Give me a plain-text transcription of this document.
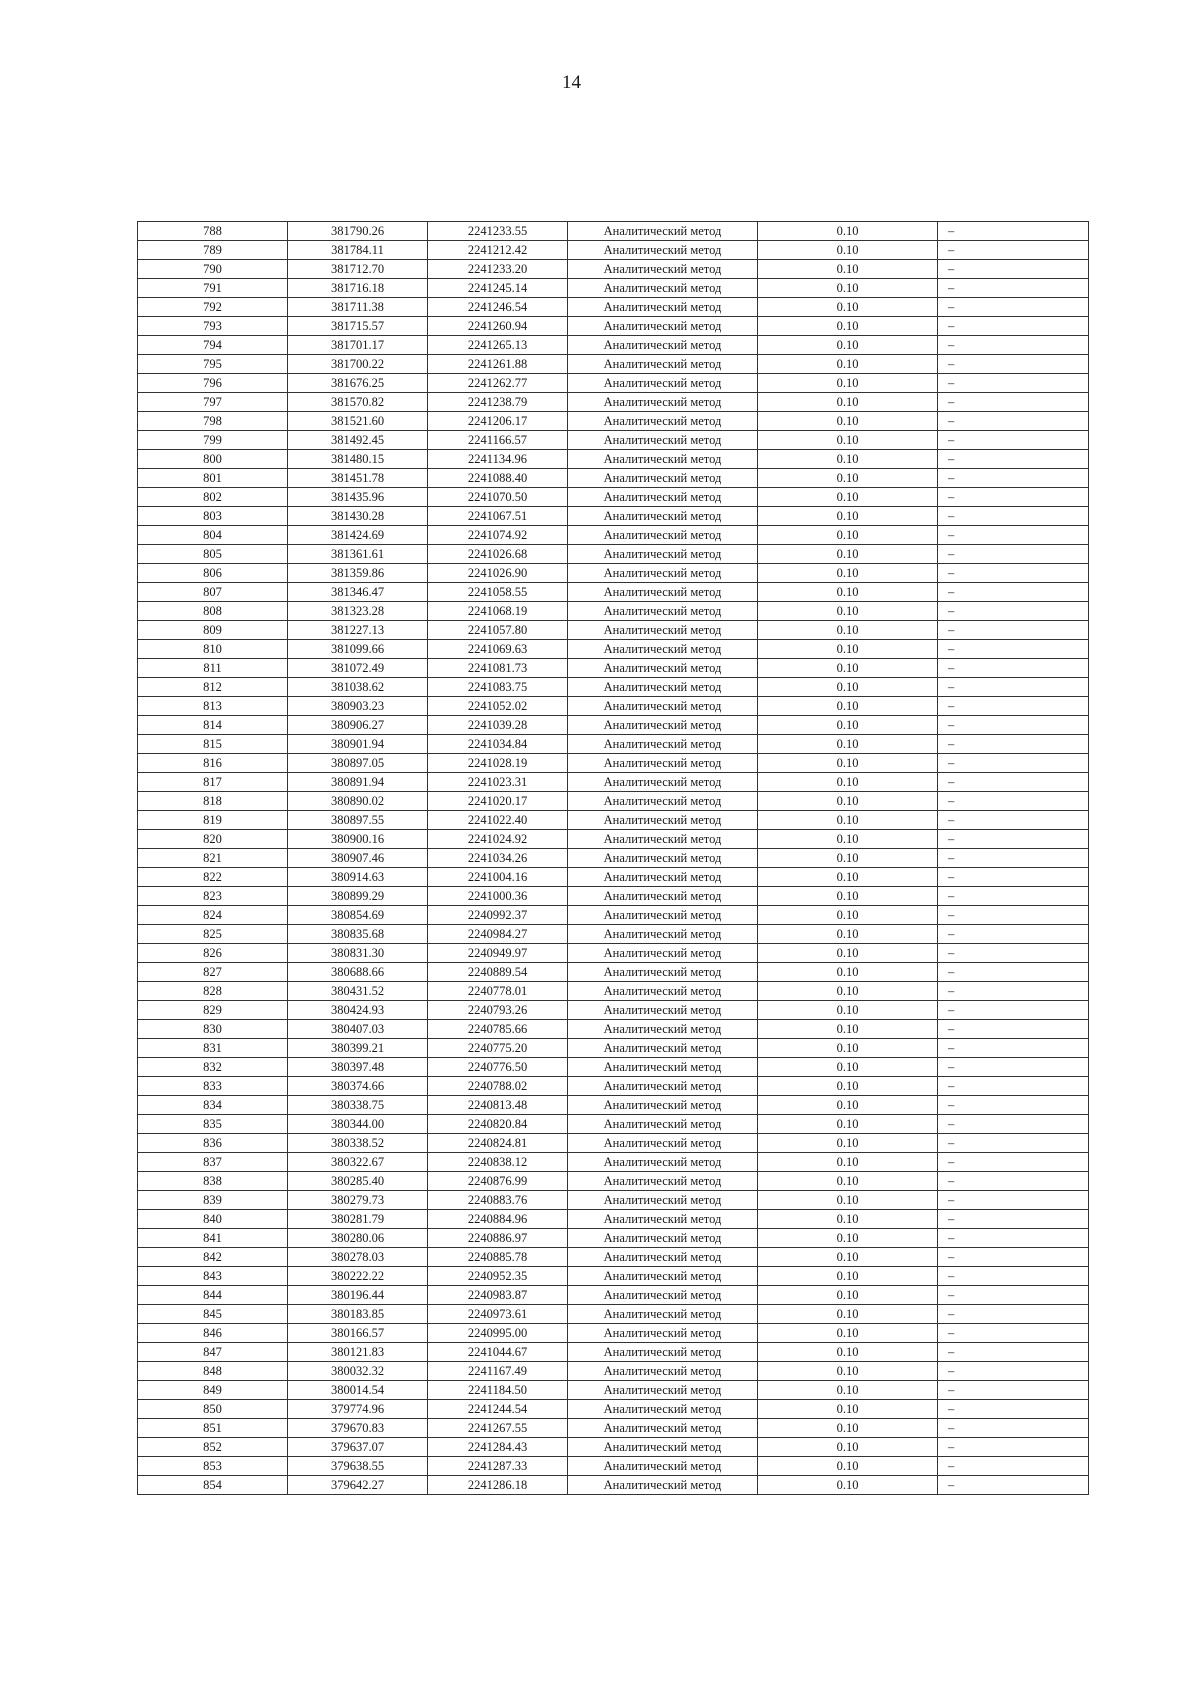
14
788	381790.26	2241233.55	Аналитический метод	0.10	–
789	381784.11	2241212.42	Аналитический метод	0.10	–
790	381712.70	2241233.20	Аналитический метод	0.10	–
791	381716.18	2241245.14	Аналитический метод	0.10	–
792	381711.38	2241246.54	Аналитический метод	0.10	–
793	381715.57	2241260.94	Аналитический метод	0.10	–
794	381701.17	2241265.13	Аналитический метод	0.10	–
795	381700.22	2241261.88	Аналитический метод	0.10	–
796	381676.25	2241262.77	Аналитический метод	0.10	–
797	381570.82	2241238.79	Аналитический метод	0.10	–
798	381521.60	2241206.17	Аналитический метод	0.10	–
799	381492.45	2241166.57	Аналитический метод	0.10	–
800	381480.15	2241134.96	Аналитический метод	0.10	–
801	381451.78	2241088.40	Аналитический метод	0.10	–
802	381435.96	2241070.50	Аналитический метод	0.10	–
803	381430.28	2241067.51	Аналитический метод	0.10	–
804	381424.69	2241074.92	Аналитический метод	0.10	–
805	381361.61	2241026.68	Аналитический метод	0.10	–
806	381359.86	2241026.90	Аналитический метод	0.10	–
807	381346.47	2241058.55	Аналитический метод	0.10	–
808	381323.28	2241068.19	Аналитический метод	0.10	–
809	381227.13	2241057.80	Аналитический метод	0.10	–
810	381099.66	2241069.63	Аналитический метод	0.10	–
811	381072.49	2241081.73	Аналитический метод	0.10	–
812	381038.62	2241083.75	Аналитический метод	0.10	–
813	380903.23	2241052.02	Аналитический метод	0.10	–
814	380906.27	2241039.28	Аналитический метод	0.10	–
815	380901.94	2241034.84	Аналитический метод	0.10	–
816	380897.05	2241028.19	Аналитический метод	0.10	–
817	380891.94	2241023.31	Аналитический метод	0.10	–
818	380890.02	2241020.17	Аналитический метод	0.10	–
819	380897.55	2241022.40	Аналитический метод	0.10	–
820	380900.16	2241024.92	Аналитический метод	0.10	–
821	380907.46	2241034.26	Аналитический метод	0.10	–
822	380914.63	2241004.16	Аналитический метод	0.10	–
823	380899.29	2241000.36	Аналитический метод	0.10	–
824	380854.69	2240992.37	Аналитический метод	0.10	–
825	380835.68	2240984.27	Аналитический метод	0.10	–
826	380831.30	2240949.97	Аналитический метод	0.10	–
827	380688.66	2240889.54	Аналитический метод	0.10	–
828	380431.52	2240778.01	Аналитический метод	0.10	–
829	380424.93	2240793.26	Аналитический метод	0.10	–
830	380407.03	2240785.66	Аналитический метод	0.10	–
831	380399.21	2240775.20	Аналитический метод	0.10	–
832	380397.48	2240776.50	Аналитический метод	0.10	–
833	380374.66	2240788.02	Аналитический метод	0.10	–
834	380338.75	2240813.48	Аналитический метод	0.10	–
835	380344.00	2240820.84	Аналитический метод	0.10	–
836	380338.52	2240824.81	Аналитический метод	0.10	–
837	380322.67	2240838.12	Аналитический метод	0.10	–
838	380285.40	2240876.99	Аналитический метод	0.10	–
839	380279.73	2240883.76	Аналитический метод	0.10	–
840	380281.79	2240884.96	Аналитический метод	0.10	–
841	380280.06	2240886.97	Аналитический метод	0.10	–
842	380278.03	2240885.78	Аналитический метод	0.10	–
843	380222.22	2240952.35	Аналитический метод	0.10	–
844	380196.44	2240983.87	Аналитический метод	0.10	–
845	380183.85	2240973.61	Аналитический метод	0.10	–
846	380166.57	2240995.00	Аналитический метод	0.10	–
847	380121.83	2241044.67	Аналитический метод	0.10	–
848	380032.32	2241167.49	Аналитический метод	0.10	–
849	380014.54	2241184.50	Аналитический метод	0.10	–
850	379774.96	2241244.54	Аналитический метод	0.10	–
851	379670.83	2241267.55	Аналитический метод	0.10	–
852	379637.07	2241284.43	Аналитический метод	0.10	–
853	379638.55	2241287.33	Аналитический метод	0.10	–
854	379642.27	2241286.18	Аналитический метод	0.10	–
